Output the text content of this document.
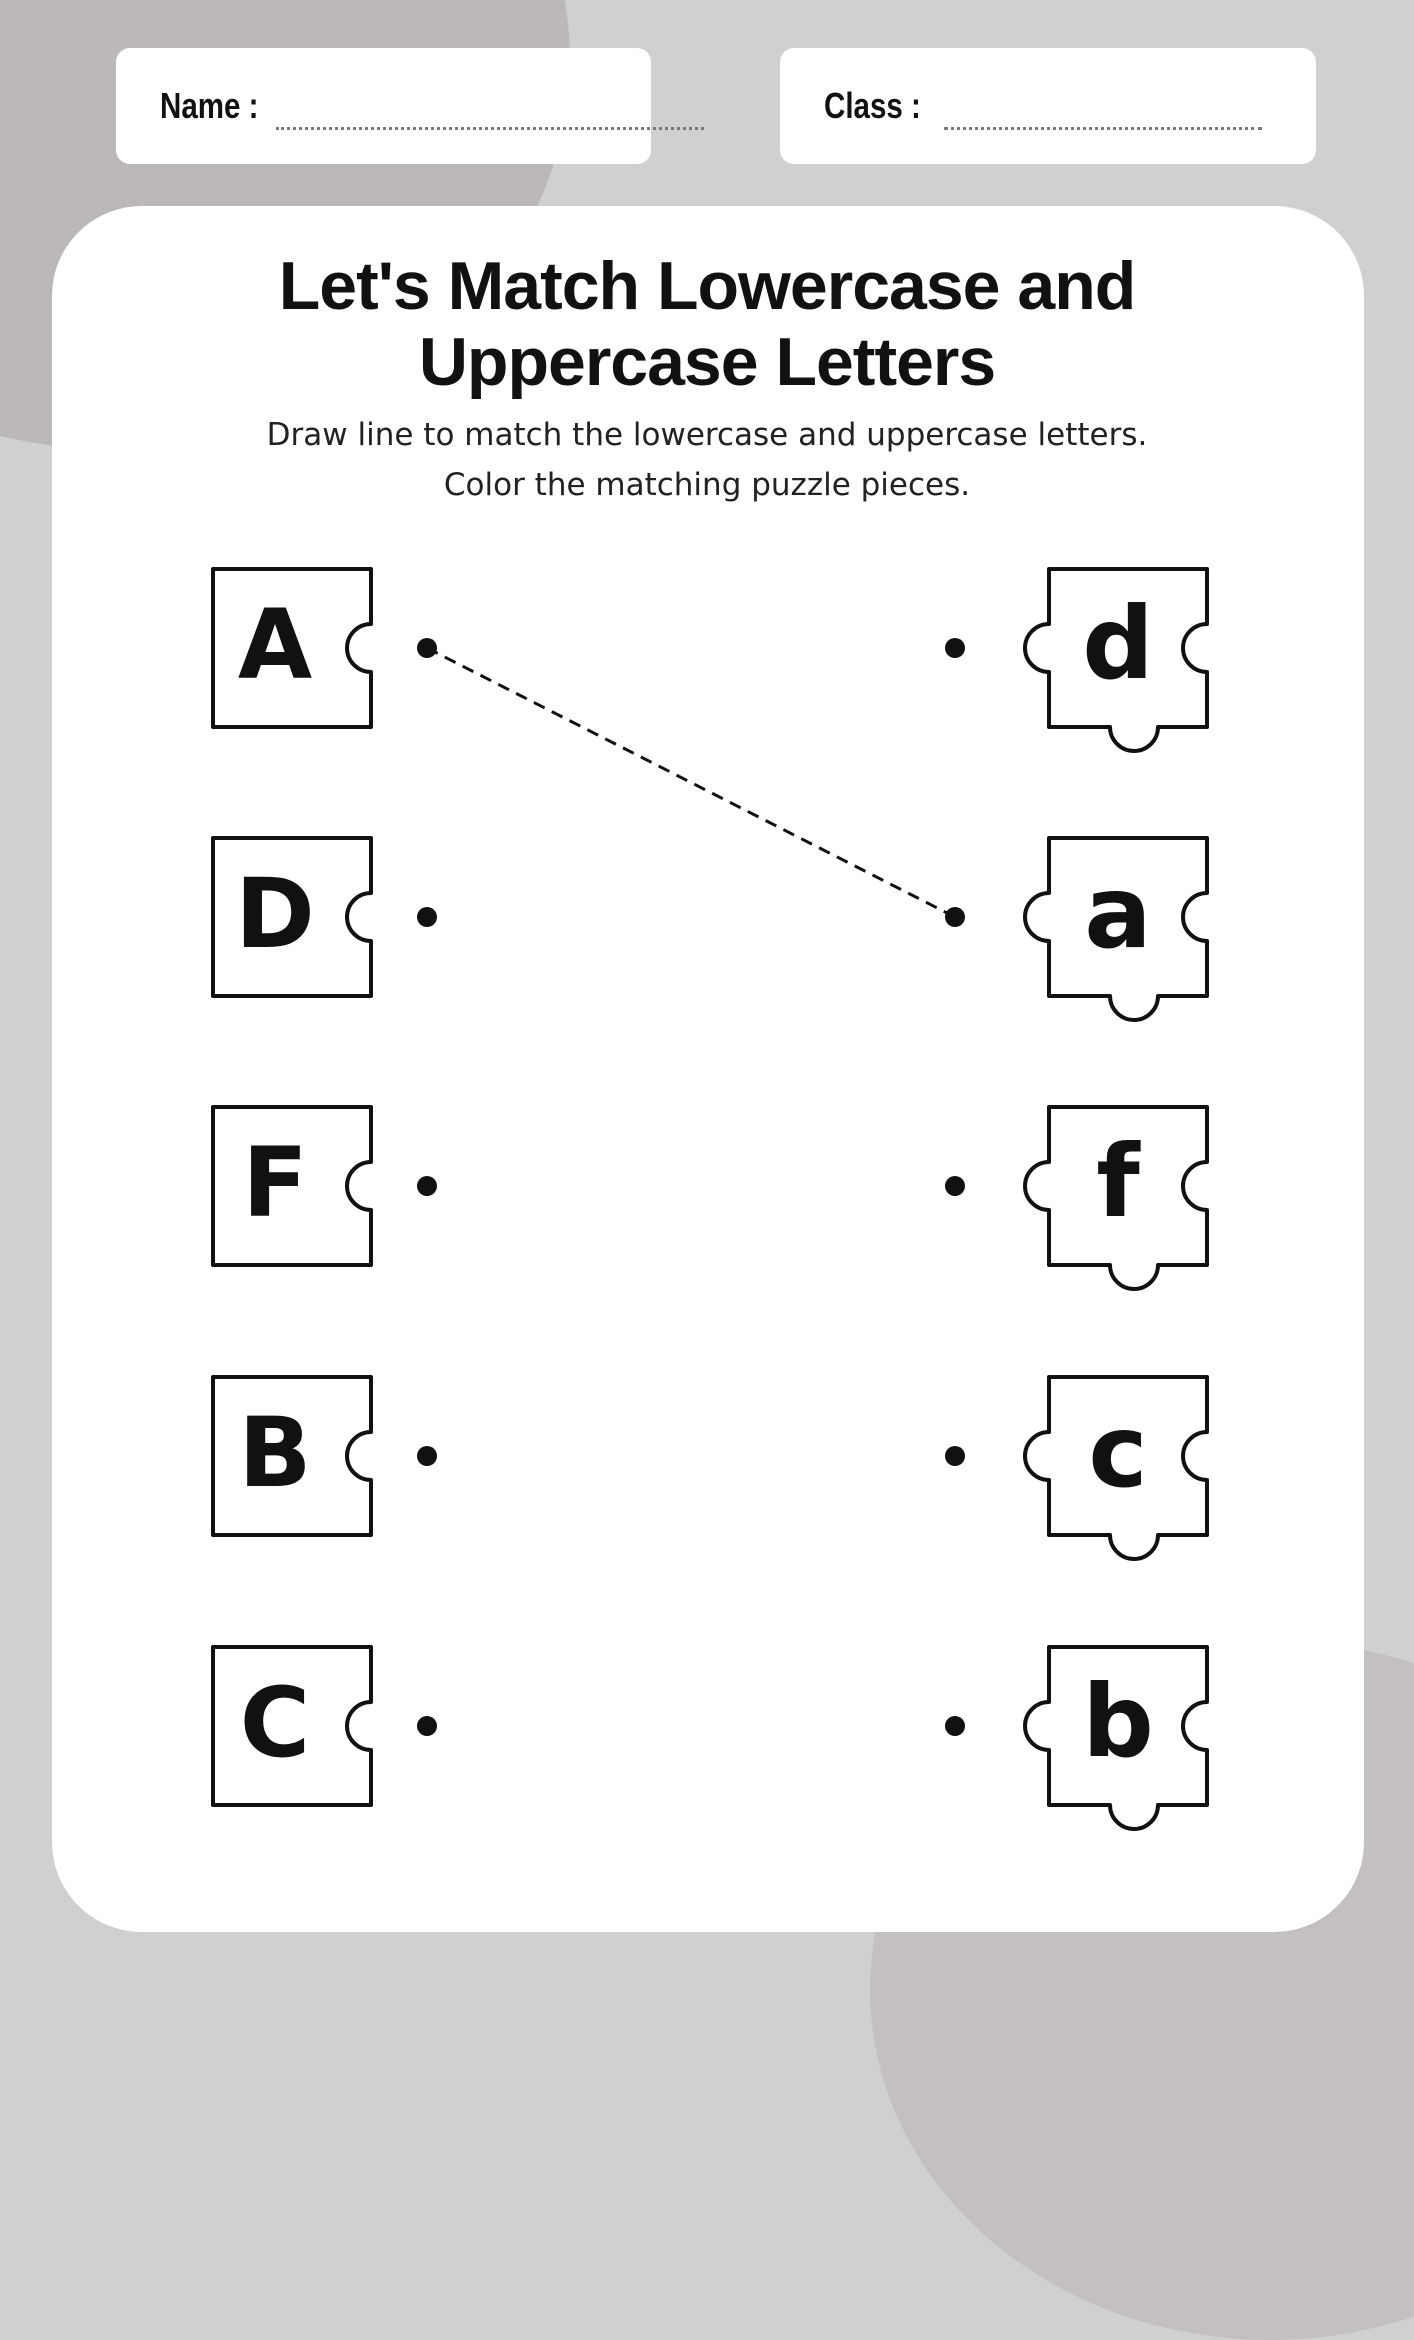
Name :	Class :
Let's Match Lowercase and
Uppercase Letters
Draw line to match the lowercase and uppercase letters.
Color the matching puzzle pieces.
A
D
F
B
C
d
a
f
c
b
